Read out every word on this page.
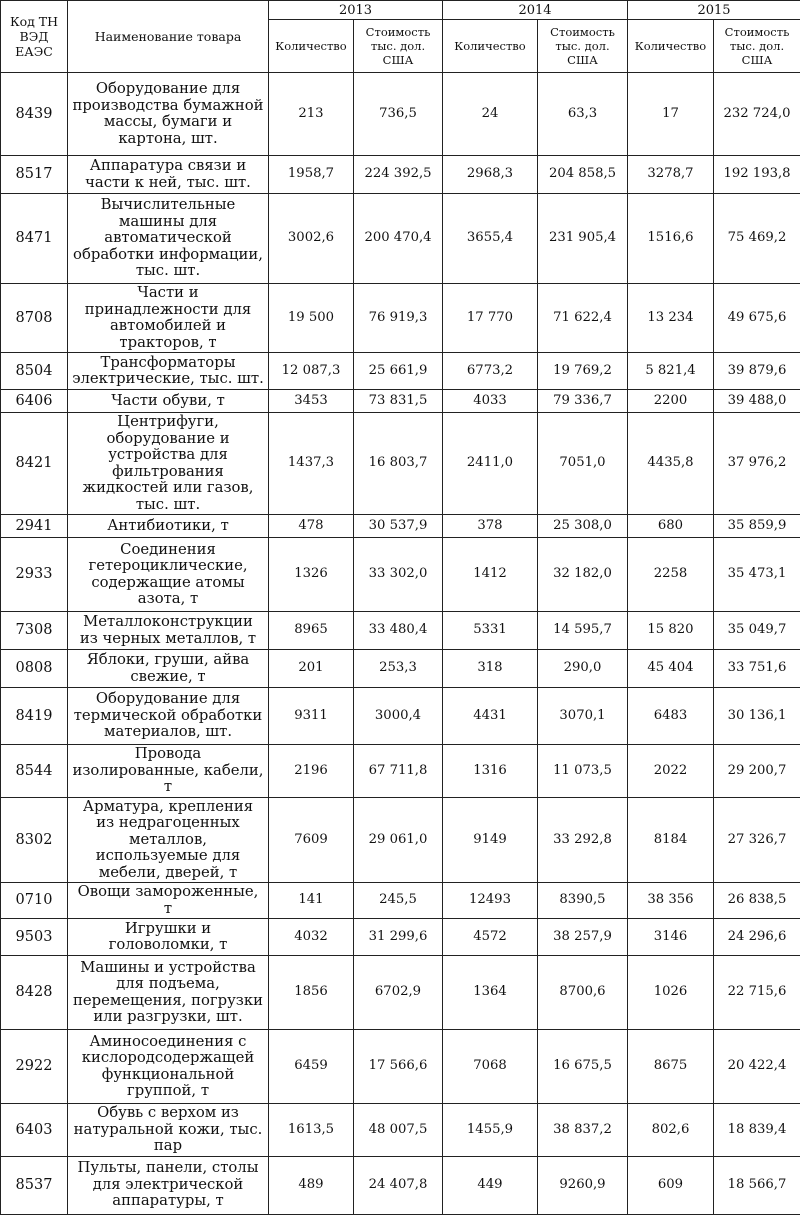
Код ТН ВЭД ЕАЭС	Наименование товара	2013		2014		2015	
		Количество	Стоимость тыс. дол. США	Количество	Стоимость тыс. дол. США	Количество	Стоимость тыс. дол. США
8439	Оборудование для производства бумажной массы, бумаги и картона, шт.	213	736,5	24	63,3	17	232 724,0
8517	Аппаратура связи и части к ней, тыс. шт.	1958,7	224 392,5	2968,3	204 858,5	3278,7	192 193,8
8471	Вычислительные машины для автоматической обработки информации, тыс. шт.	3002,6	200 470,4	3655,4	231 905,4	1516,6	75 469,2
8708	Части и принадлежности для автомобилей и тракторов, т	19 500	76 919,3	17 770	71 622,4	13 234	49 675,6
8504	Трансформаторы электрические, тыс. шт.	12 087,3	25 661,9	6773,2	19 769,2	5 821,4	39 879,6
6406	Части обуви, т	3453	73 831,5	4033	79 336,7	2200	39 488,0
8421	Центрифуги, оборудование и устройства для фильтрования жидкостей или газов, тыс. шт.	1437,3	16 803,7	2411,0	7051,0	4435,8	37 976,2
2941	Антибиотики, т	478	30 537,9	378	25 308,0	680	35 859,9
2933	Соединения гетероциклические, содержащие атомы азота, т	1326	33 302,0	1412	32 182,0	2258	35 473,1
7308	Металлоконструкции из черных металлов, т	8965	33 480,4	5331	14 595,7	15 820	35 049,7
0808	Яблоки, груши, айва свежие, т	201	253,3	318	290,0	45 404	33 751,6
8419	Оборудование для термической обработки материалов, шт.	9311	3000,4	4431	3070,1	6483	30 136,1
8544	Провода изолированные, кабели, т	2196	67 711,8	1316	11 073,5	2022	29 200,7
8302	Арматура, крепления из недрагоценных металлов, используемые для мебели, дверей, т	7609	29 061,0	9149	33 292,8	8184	27 326,7
0710	Овощи замороженные, т	141	245,5	12493	8390,5	38 356	26 838,5
9503	Игрушки и головоломки, т	4032	31 299,6	4572	38 257,9	3146	24 296,6
8428	Машины и устройства для подъема, перемещения, погрузки или разгрузки, шт.	1856	6702,9	1364	8700,6	1026	22 715,6
2922	Аминосоединения с кислородсодержащей функциональной группой, т	6459	17 566,6	7068	16 675,5	8675	20 422,4
6403	Обувь с верхом из натуральной кожи, тыс. пар	1613,5	48 007,5	1455,9	38 837,2	802,6	18 839,4
8537	Пульты, панели, столы для электрической аппаратуры, т	489	24 407,8	449	9260,9	609	18 566,7
